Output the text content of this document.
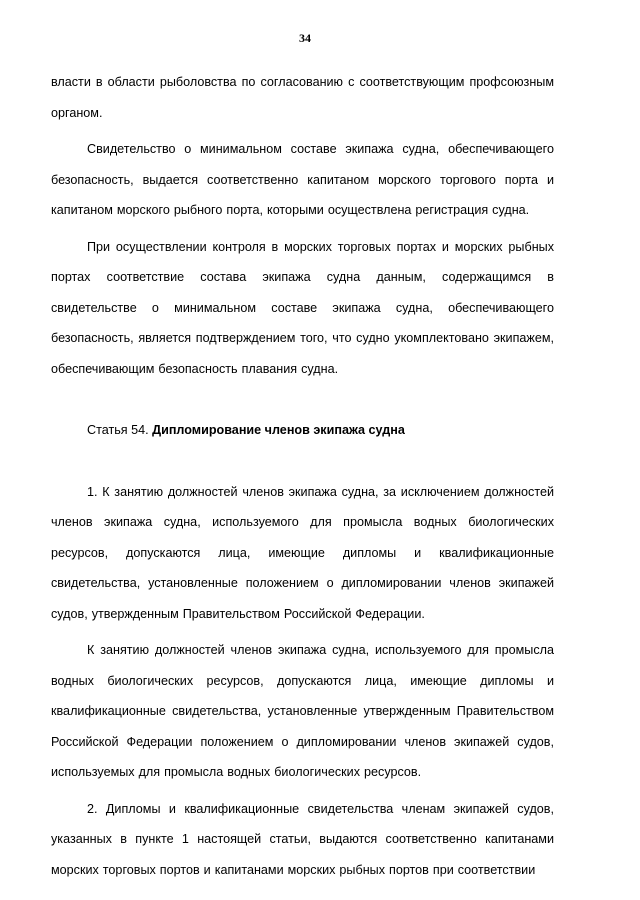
34

власти в области рыболовства по согласованию с соответствующим профсоюзным органом.

Свидетельство о минимальном составе экипажа судна, обеспечивающего безопасность, выдается соответственно капитаном морского торгового порта и капитаном морского рыбного порта, которыми осуществлена регистрация судна.

При осуществлении контроля в морских торговых портах и морских рыбных портах соответствие состава экипажа судна данным, содержащимся в свидетельстве о минимальном составе экипажа судна, обеспечивающего безопасность, является подтверждением того, что судно укомплектовано экипажем, обеспечивающим безопасность плавания судна.

Статья 54. Дипломирование членов экипажа судна

1. К занятию должностей членов экипажа судна, за исключением должностей членов экипажа судна, используемого для промысла водных биологических ресурсов, допускаются лица, имеющие дипломы и квалификационные свидетельства, установленные положением о дипломировании членов экипажей судов, утвержденным Правительством Российской Федерации.

К занятию должностей членов экипажа судна, используемого для промысла водных биологических ресурсов, допускаются лица, имеющие дипломы и квалификационные свидетельства, установленные утвержденным Правительством Российской Федерации положением о дипломировании членов экипажей судов, используемых для промысла водных биологических ресурсов.

2. Дипломы и квалификационные свидетельства членам экипажей судов, указанных в пункте 1 настоящей статьи, выдаются соответственно капитанами морских торговых портов и капитанами морских рыбных портов при соответствии
